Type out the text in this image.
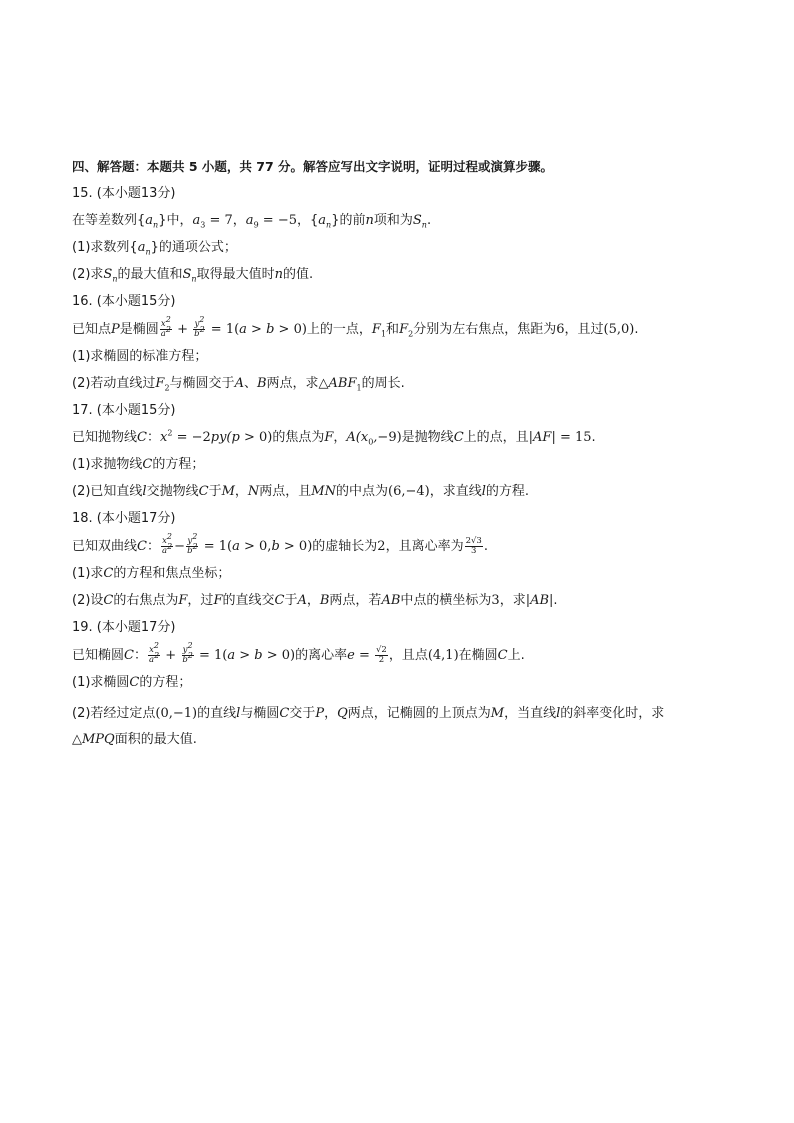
四、解答题：本题共 5 小题，共 77 分。解答应写出文字说明，证明过程或演算步骤。
15. (本小题13分)
在等差数列$\{a_n\}$中，$a_3 = 7$，$a_9 = -5$，$\{a_n\}$的前n项和为$S_n$.
(1)求数列$\{a_n\}$的通项公式；
(2)求$S_n$的最大值和$S_n$取得最大值时n的值.
16. (本小题15分)
已知点P是椭圆 $\frac{x^2}{a^2} + \frac{y^2}{b^2} = 1(a > b > 0)$上的一点，$F_1$和$F_2$分别为左右焦点，焦距为6，且过(5,0).
(1)求椭圆的标准方程；
(2)若动直线过$F_2$与椭圆交于A、B两点，求$\triangle ABF_1$的周长.
17. (本小题15分)
已知抛物线C：$x^2 = -2py(p > 0)$的焦点为F，$A(x_0,-9)$是抛物线C上的点，且|AF| = 15.
(1)求抛物线C的方程；
(2)已知直线l交抛物线C于M，N两点，且MN的中点为(6,−4)，求直线l的方程.
18. (本小题17分)
已知双曲线C： $\frac{x^2}{a^2} - \frac{y^2}{b^2} = 1(a > 0,b > 0)$的虚轴长为2，且离心率为 $\frac{2√3}{3}$ .
(1)求C的方程和焦点坐标；
(2)设C的右焦点为F，过F的直线交C于A，B两点，若AB中点的横坐标为3，求|AB|.
19. (本小题17分)
已知椭圆C： $\frac{x^2}{a^2} + \frac{y^2}{b^2} = 1(a > b > 0)$的离心率$e = \frac{√2}{2}$ ，且点(4,1)在椭圆C上.
(1)求椭圆C的方程；
(2)若经过定点(0,−1)的直线l与椭圆C交于P，Q两点，记椭圆的上顶点为M，当直线l的斜率变化时，求△MPQ面积的最大值.
